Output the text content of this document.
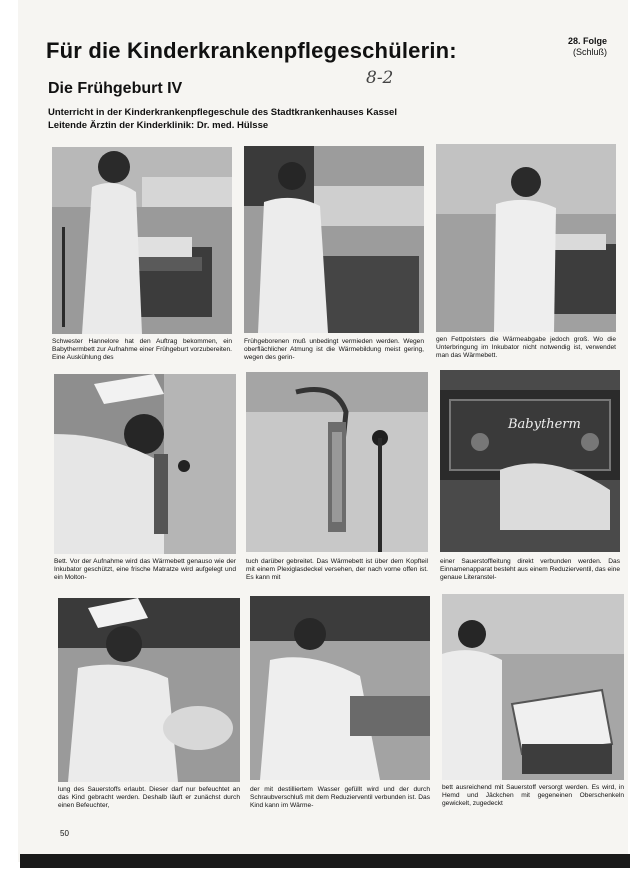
Für die Kinderkrankenpflegeschülerin:	28. Folge
(Schluß)
Die Frühgeburt IV
8-2
Unterricht in der Kinderkrankenpflegeschule des Stadtkrankenhauses Kassel
Leitende Ärztin der Kinderklinik: Dr. med. Hülsse
Schwester Hannelore hat den Auftrag bekommen, ein Babythermbett zur Aufnahme einer Frühgeburt vorzubereiten. Eine Auskühlung des
Frühgeborenen muß unbedingt vermieden werden. Wegen oberflächlicher Atmung ist die Wärmebildung meist gering, wegen des gerin-
gen Fettpolsters die Wärmeabgabe jedoch groß. Wo die Unterbringung im Inkubator nicht notwendig ist, verwendet man das Wärmebett.
Babytherm
Bett. Vor der Aufnahme wird das Wärmebett genauso wie der Inkubator geschützt, eine frische Matratze wird aufgelegt und ein Molton-
tuch darüber gebreitet. Das Wärmebett ist über dem Kopfteil mit einem Plexiglasdeckel versehen, der nach vorne offen ist. Es kann mit
einer Sauerstoffleitung direkt verbunden werden. Das Einnamenapparat besteht aus einem Reduzierventil, das eine genaue Literanstel-
lung des Sauerstoffs erlaubt. Dieser darf nur befeuchtet an das Kind gebracht werden. Deshalb läuft er zunächst durch einen Befeuchter,
der mit destilliertem Wasser gefüllt wird und der durch Schraubverschluß mit dem Reduzierventil verbunden ist. Das Kind kann im Wärme-
bett ausreichend mit Sauerstoff versorgt werden. Es wird, in Hemd und Jäckchen mit gegeneinen Oberschenkeln gewickelt, zugedeckt
50
